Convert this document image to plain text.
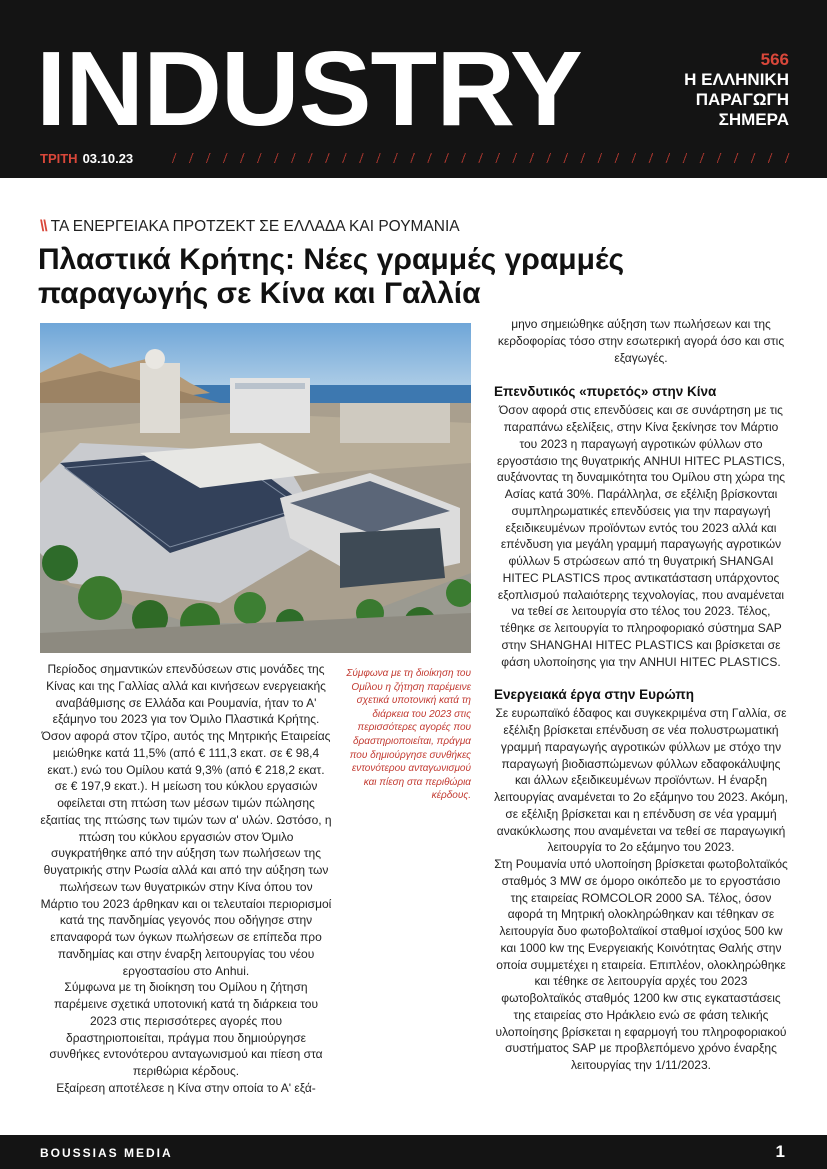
INDUSTRY	566
Η ΕΛΛΗΝΙΚΗ
ΠΑΡΑΓΩΓΗ
ΣΗΜΕΡΑ
ΤΡΙΤΗ 03.10.23
\\ ΤΑ ΕΝΕΡΓΕΙΑΚΑ ΠΡΟΤΖΕΚΤ ΣΕ ΕΛΛΑΔΑ ΚΑΙ ΡΟΥΜΑΝΙΑ
Πλαστικά Κρήτης: Νέες γραμμές γραμμές
παραγωγής σε Κίνα και Γαλλία

Περίοδος σημαντικών επενδύσεων στις μονάδες της Κίνας και της Γαλλίας αλλά και κινήσεων ενεργειακής αναβάθμισης σε Ελλάδα και Ρουμανία, ήταν το Α' εξάμηνο του 2023 για τον Όμιλο Πλαστικά Κρήτης.

Όσον αφορά στον τζίρο, αυτός της Μητρικής Εταιρείας μειώθηκε κατά 11,5% (από € 111,3 εκατ. σε € 98,4 εκατ.) ενώ του Ομίλου κατά 9,3% (από € 218,2 εκατ. σε € 197,9 εκατ.). Η μείωση του κύκλου εργασιών οφείλεται στη πτώση των μέσων τιμών πώλησης εξαιτίας της πτώσης των τιμών των α' υλών. Ωστόσο, η πτώση του κύκλου εργασιών στον Όμιλο συγκρατήθηκε από την αύξηση των πωλήσεων της θυγατρικής στην Ρωσία αλλά και από την αύξηση των πωλήσεων των θυγατρικών στην Κίνα όπου τον Μάρτιο του 2023 άρθηκαν και οι τελευταίοι περιορισμοί κατά της πανδημίας γεγονός που οδήγησε στην επαναφορά των όγκων πωλήσεων σε επίπεδα προ πανδημίας και στην έναρξη λειτουργίας του νέου εργοστασίου στο Anhui.

Σύμφωνα με τη διοίκηση του Ομίλου η ζήτηση παρέμεινε σχετικά υποτονική κατά τη διάρκεια του 2023 στις περισσότερες αγορές που δραστηριοποιείται, πράγμα που δημιούργησε συνθήκες εντονότερου ανταγωνισμού και πίεση στα περιθώρια κέρδους.

Εξαίρεση αποτέλεσε η Κίνα στην οποία το Α' εξά-

Σύμφωνα με τη διοίκηση του Ομίλου η ζήτηση παρέμεινε σχετικά υποτονική κατά τη διάρκεια του 2023 στις περισσότερες αγορές που δραστηριοποιείται, πράγμα που δημιούργησε συνθήκες εντονότερου ανταγωνισμού και πίεση στα περιθώρια κέρδους.

μηνο σημειώθηκε αύξηση των πωλήσεων και της κερδοφορίας τόσο στην εσωτερική αγορά όσο και στις εξαγωγές.

Επενδυτικός «πυρετός» στην Κίνα

Όσον αφορά στις επενδύσεις και σε συνάρτηση με τις παραπάνω εξελίξεις, στην Κίνα ξεκίνησε τον Μάρτιο του 2023 η παραγωγή αγροτικών φύλλων στο εργοστάσιο της θυγατρικής ANHUI HITEC PLASTICS, αυξάνοντας τη δυναμικότητα του Ομίλου στη χώρα της Ασίας κατά 30%. Παράλληλα, σε εξέλιξη βρίσκονται συμπληρωματικές επενδύσεις για την παραγωγή εξειδικευμένων προϊόντων εντός του 2023 αλλά και επένδυση για μεγάλη γραμμή παραγωγής αγροτικών φύλλων 5 στρώσεων από τη θυγατρική SHANGAI HITEC PLASTICS προς αντικατάσταση υπάρχοντος εξοπλισμού παλαιότερης τεχνολογίας, που αναμένεται να τεθεί σε λειτουργία στο τέλος του 2023. Τέλος, τέθηκε σε λειτουργία το πληροφοριακό σύστημα SAP στην SHANGHAI HITEC PLASTICS και βρίσκεται σε φάση υλοποίησης για την ANHUI HITEC PLASTICS.

Ενεργειακά έργα στην Ευρώπη

Σε ευρωπαϊκό έδαφος και συγκεκριμένα στη Γαλλία, σε εξέλιξη βρίσκεται επένδυση σε νέα πολυστρωματική γραμμή παραγωγής αγροτικών φύλλων με στόχο την παραγωγή βιοδιασπώμενων φύλλων εδαφοκάλυψης και άλλων εξειδικευμένων προϊόντων. Η έναρξη λειτουργίας αναμένεται το 2ο εξάμηνο του 2023. Ακόμη, σε εξέλιξη βρίσκεται και η επένδυση σε νέα γραμμή ανακύκλωσης που αναμένεται να τεθεί σε παραγωγική λειτουργία το 2ο εξάμηνο του 2023.

Στη Ρουμανία υπό υλοποίηση βρίσκεται φωτοβολταϊκός σταθμός 3 MW σε όμορο οικόπεδο με το εργοστάσιο της εταιρείας ROMCOLOR 2000 SA. Τέλος, όσον αφορά τη Μητρική ολοκληρώθηκαν και τέθηκαν σε λειτουργία δυο φωτοβολταϊκοί σταθμοί ισχύος 500 kw και 1000 kw της Ενεργειακής Κοινότητας Θαλής στην οποία συμμετέχει η εταιρεία. Επιπλέον, ολοκληρώθηκε και τέθηκε σε λειτουργία αρχές του 2023 φωτοβολταϊκός σταθμός 1200 kw στις εγκαταστάσεις της εταιρείας στο Ηράκλειο ενώ σε φάση τελικής υλοποίησης βρίσκεται η εφαρμογή του πληροφοριακού συστήματος SAP με προβλεπόμενο χρόνο έναρξης λειτουργίας την 1/11/2023.

BOUSSIAS MEDIA	1
